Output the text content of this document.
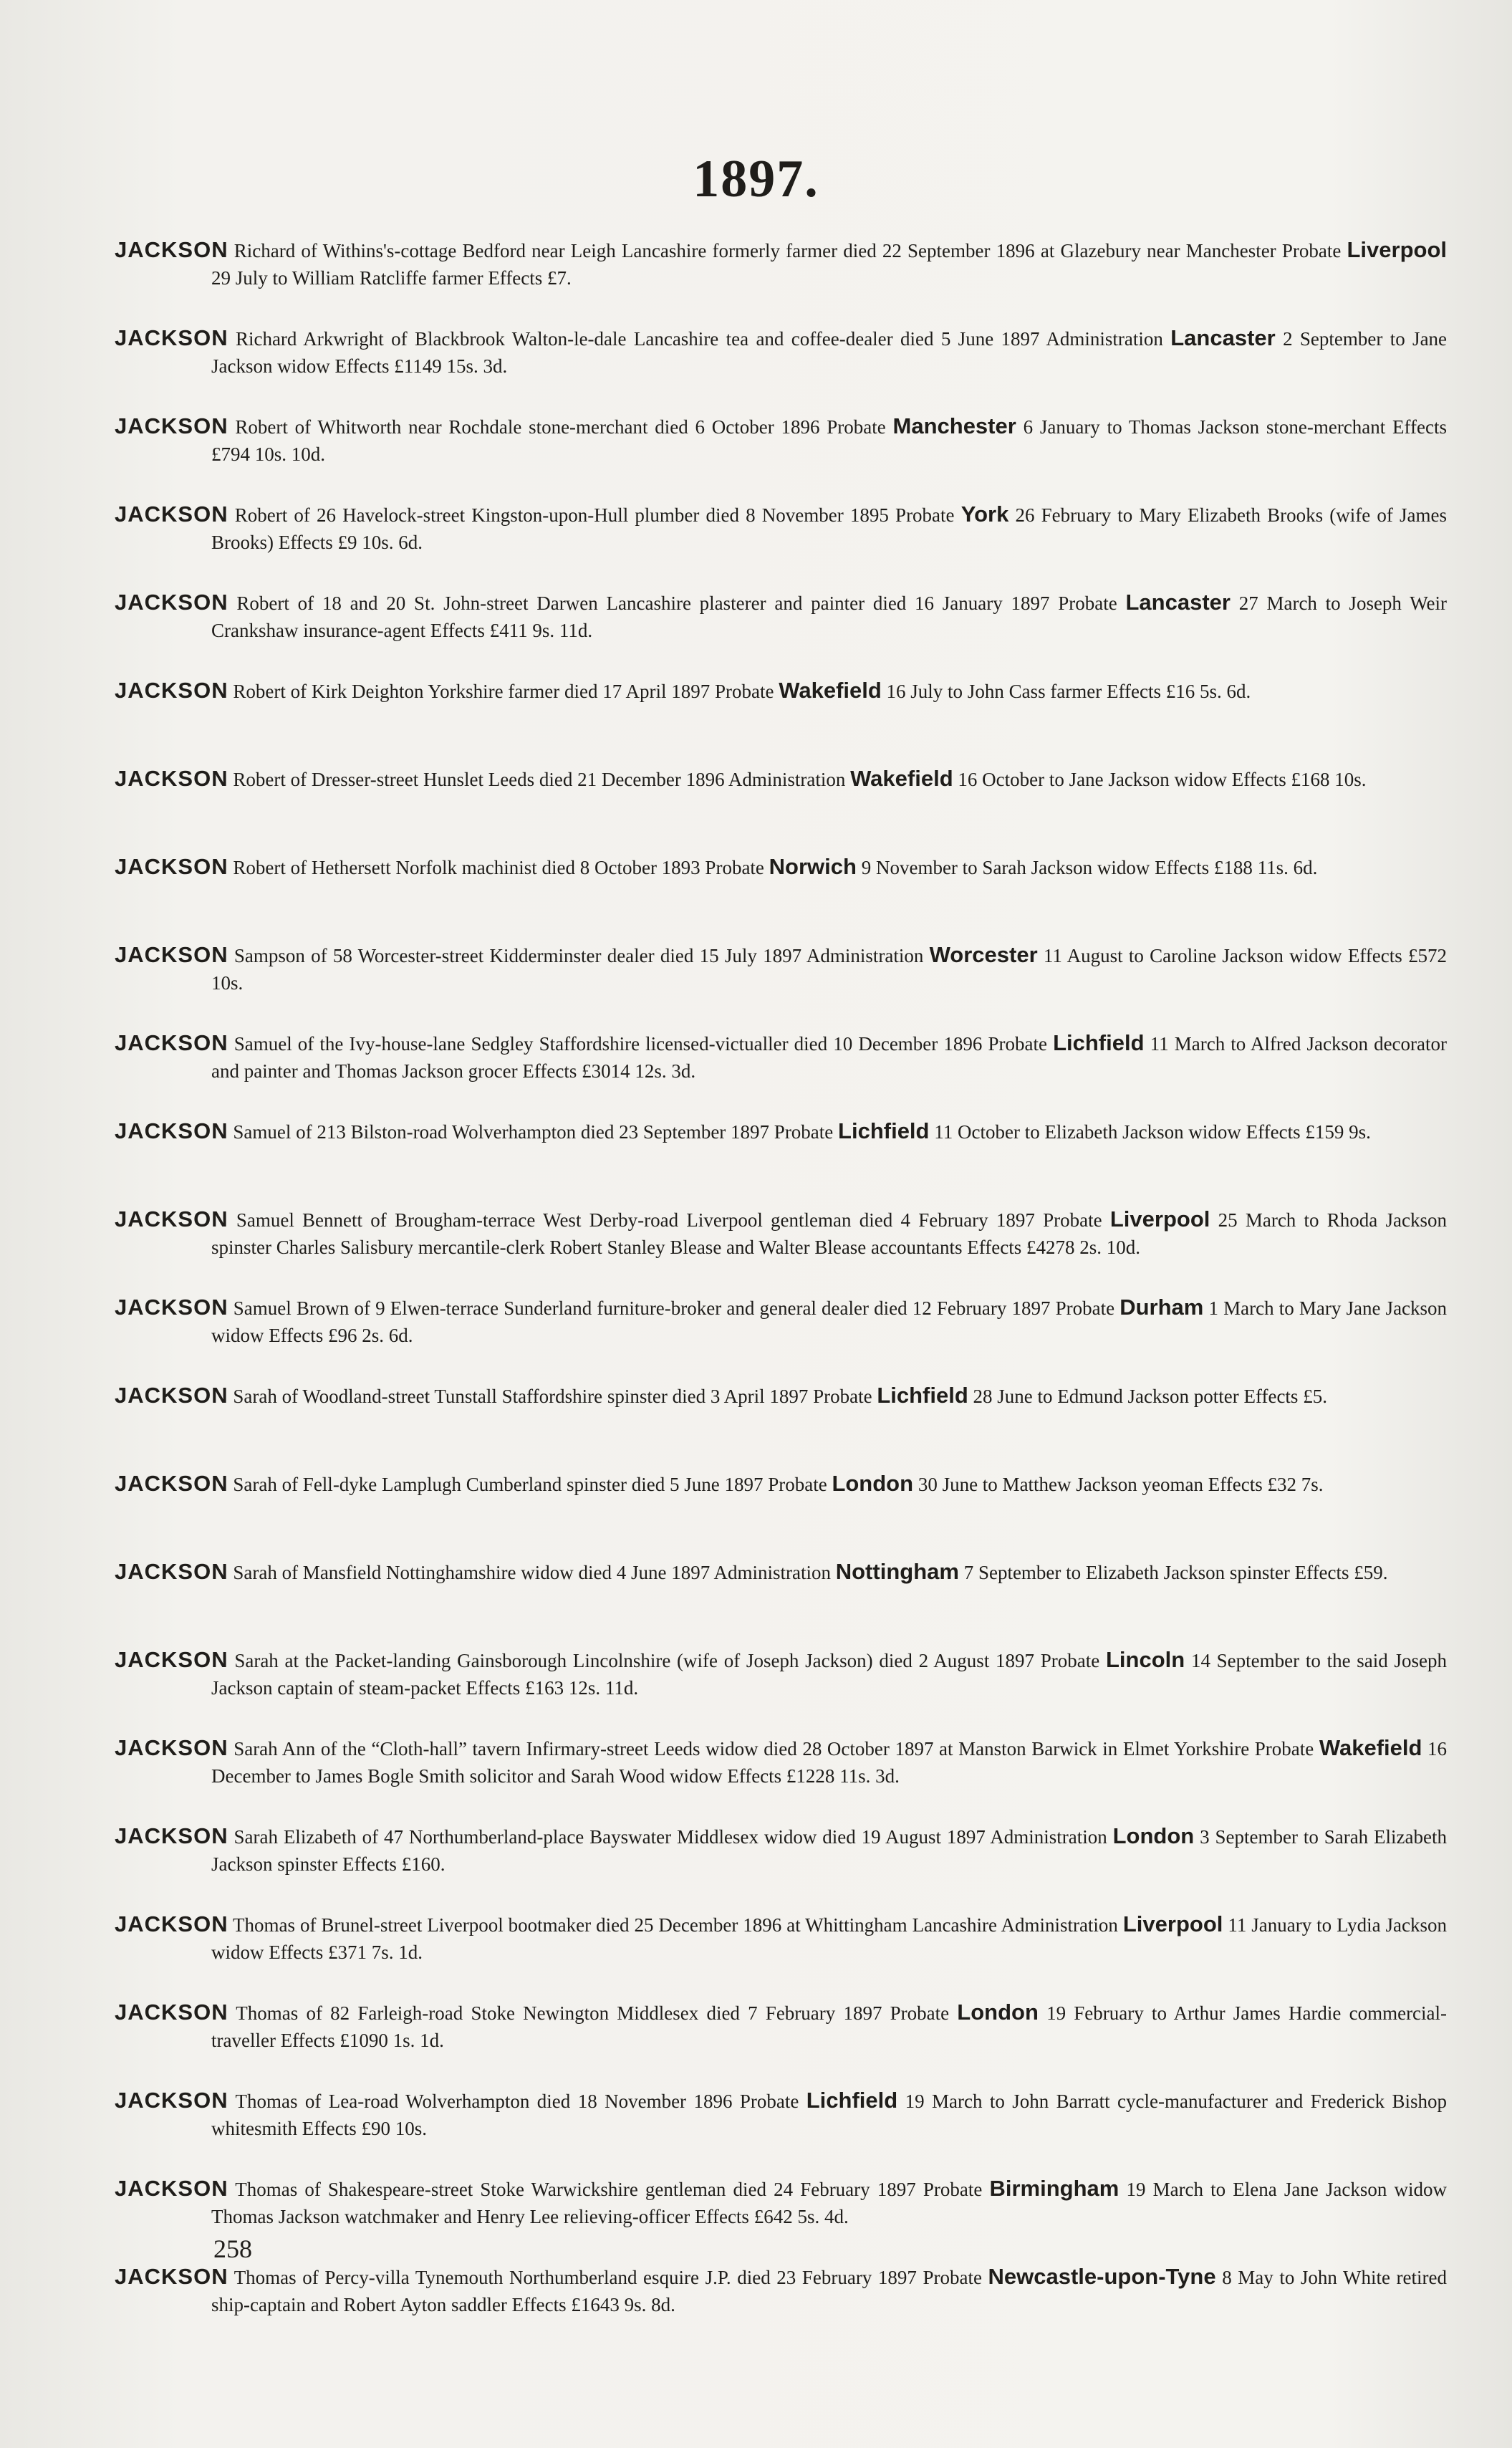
1897.
JACKSON Richard of Withins's-cottage Bedford near Leigh Lancashire formerly farmer died 22 September 1896 at Glazebury near Manchester Probate Liverpool 29 July to William Ratcliffe farmer Effects £7.
JACKSON Richard Arkwright of Blackbrook Walton-le-dale Lancashire tea and coffee-dealer died 5 June 1897 Administration Lancaster 2 September to Jane Jackson widow Effects £1149 15s. 3d.
JACKSON Robert of Whitworth near Rochdale stone-merchant died 6 October 1896 Probate Manchester 6 January to Thomas Jackson stone-merchant Effects £794 10s. 10d.
JACKSON Robert of 26 Havelock-street Kingston-upon-Hull plumber died 8 November 1895 Probate York 26 February to Mary Elizabeth Brooks (wife of James Brooks) Effects £9 10s. 6d.
JACKSON Robert of 18 and 20 St. John-street Darwen Lancashire plasterer and painter died 16 January 1897 Probate Lancaster 27 March to Joseph Weir Crankshaw insurance-agent Effects £411 9s. 11d.
JACKSON Robert of Kirk Deighton Yorkshire farmer died 17 April 1897 Probate Wakefield 16 July to John Cass farmer Effects £16 5s. 6d.
JACKSON Robert of Dresser-street Hunslet Leeds died 21 December 1896 Administration Wakefield 16 October to Jane Jackson widow Effects £168 10s.
JACKSON Robert of Hethersett Norfolk machinist died 8 October 1893 Probate Norwich 9 November to Sarah Jackson widow Effects £188 11s. 6d.
JACKSON Sampson of 58 Worcester-street Kidderminster dealer died 15 July 1897 Administration Worcester 11 August to Caroline Jackson widow Effects £572 10s.
JACKSON Samuel of the Ivy-house-lane Sedgley Staffordshire licensed-victualler died 10 December 1896 Probate Lichfield 11 March to Alfred Jackson decorator and painter and Thomas Jackson grocer Effects £3014 12s. 3d.
JACKSON Samuel of 213 Bilston-road Wolverhampton died 23 September 1897 Probate Lichfield 11 October to Elizabeth Jackson widow Effects £159 9s.
JACKSON Samuel Bennett of Brougham-terrace West Derby-road Liverpool gentleman died 4 February 1897 Probate Liverpool 25 March to Rhoda Jackson spinster Charles Salisbury mercantile-clerk Robert Stanley Blease and Walter Blease accountants Effects £4278 2s. 10d.
JACKSON Samuel Brown of 9 Elwen-terrace Sunderland furniture-broker and general dealer died 12 February 1897 Probate Durham 1 March to Mary Jane Jackson widow Effects £96 2s. 6d.
JACKSON Sarah of Woodland-street Tunstall Staffordshire spinster died 3 April 1897 Probate Lichfield 28 June to Edmund Jackson potter Effects £5.
JACKSON Sarah of Fell-dyke Lamplugh Cumberland spinster died 5 June 1897 Probate London 30 June to Matthew Jackson yeoman Effects £32 7s.
JACKSON Sarah of Mansfield Nottinghamshire widow died 4 June 1897 Administration Nottingham 7 September to Elizabeth Jackson spinster Effects £59.
JACKSON Sarah at the Packet-landing Gainsborough Lincolnshire (wife of Joseph Jackson) died 2 August 1897 Probate Lincoln 14 September to the said Joseph Jackson captain of steam-packet Effects £163 12s. 11d.
JACKSON Sarah Ann of the “Cloth-hall” tavern Infirmary-street Leeds widow died 28 October 1897 at Manston Barwick in Elmet Yorkshire Probate Wakefield 16 December to James Bogle Smith solicitor and Sarah Wood widow Effects £1228 11s. 3d.
JACKSON Sarah Elizabeth of 47 Northumberland-place Bayswater Middlesex widow died 19 August 1897 Administration London 3 September to Sarah Elizabeth Jackson spinster Effects £160.
JACKSON Thomas of Brunel-street Liverpool bootmaker died 25 December 1896 at Whittingham Lancashire Administration Liverpool 11 January to Lydia Jackson widow Effects £371 7s. 1d.
JACKSON Thomas of 82 Farleigh-road Stoke Newington Middlesex died 7 February 1897 Probate London 19 February to Arthur James Hardie commercial-traveller Effects £1090 1s. 1d.
JACKSON Thomas of Lea-road Wolverhampton died 18 November 1896 Probate Lichfield 19 March to John Barratt cycle-manufacturer and Frederick Bishop whitesmith Effects £90 10s.
JACKSON Thomas of Shakespeare-street Stoke Warwickshire gentleman died 24 February 1897 Probate Birmingham 19 March to Elena Jane Jackson widow Thomas Jackson watchmaker and Henry Lee relieving-officer Effects £642 5s. 4d.
JACKSON Thomas of Percy-villa Tynemouth Northumberland esquire J.P. died 23 February 1897 Probate Newcastle-upon-Tyne 8 May to John White retired ship-captain and Robert Ayton saddler Effects £1643 9s. 8d.
258
